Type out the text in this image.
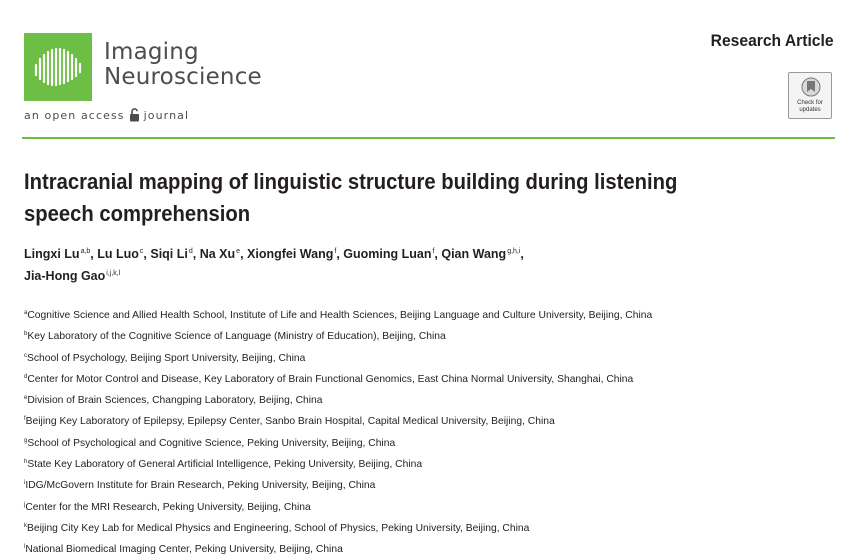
Imaging
Neuroscience
an open access journal
Research Article
Check for
updates
Intracranial mapping of linguistic structure building during listening
speech comprehension
Lingxi Lu$^{a,b}$, Lu Luo$^c$, Siqi Li$^d$, Na Xu$^e$, Xiongfei Wang$^f$, Guoming Luan$^f$, Qian Wang$^{g,h,i}$,
Jia-Hong Gao$^{i,j,k,l}$
$^a$Cognitive Science and Allied Health School, Institute of Life and Health Sciences, Beijing Language and Culture University, Beijing, China
$^b$Key Laboratory of the Cognitive Science of Language (Ministry of Education), Beijing, China
$^c$School of Psychology, Beijing Sport University, Beijing, China
$^d$Center for Motor Control and Disease, Key Laboratory of Brain Functional Genomics, East China Normal University, Shanghai, China
$^e$Division of Brain Sciences, Changping Laboratory, Beijing, China
$^f$Beijing Key Laboratory of Epilepsy, Epilepsy Center, Sanbo Brain Hospital, Capital Medical University, Beijing, China
$^g$School of Psychological and Cognitive Science, Peking University, Beijing, China
$^h$State Key Laboratory of General Artificial Intelligence, Peking University, Beijing, China
$^i$IDG/McGovern Institute for Brain Research, Peking University, Beijing, China
$^j$Center for the MRI Research, Peking University, Beijing, China
$^k$Beijing City Key Lab for Medical Physics and Engineering, School of Physics, Peking University, Beijing, China
$^l$National Biomedical Imaging Center, Peking University, Beijing, China
